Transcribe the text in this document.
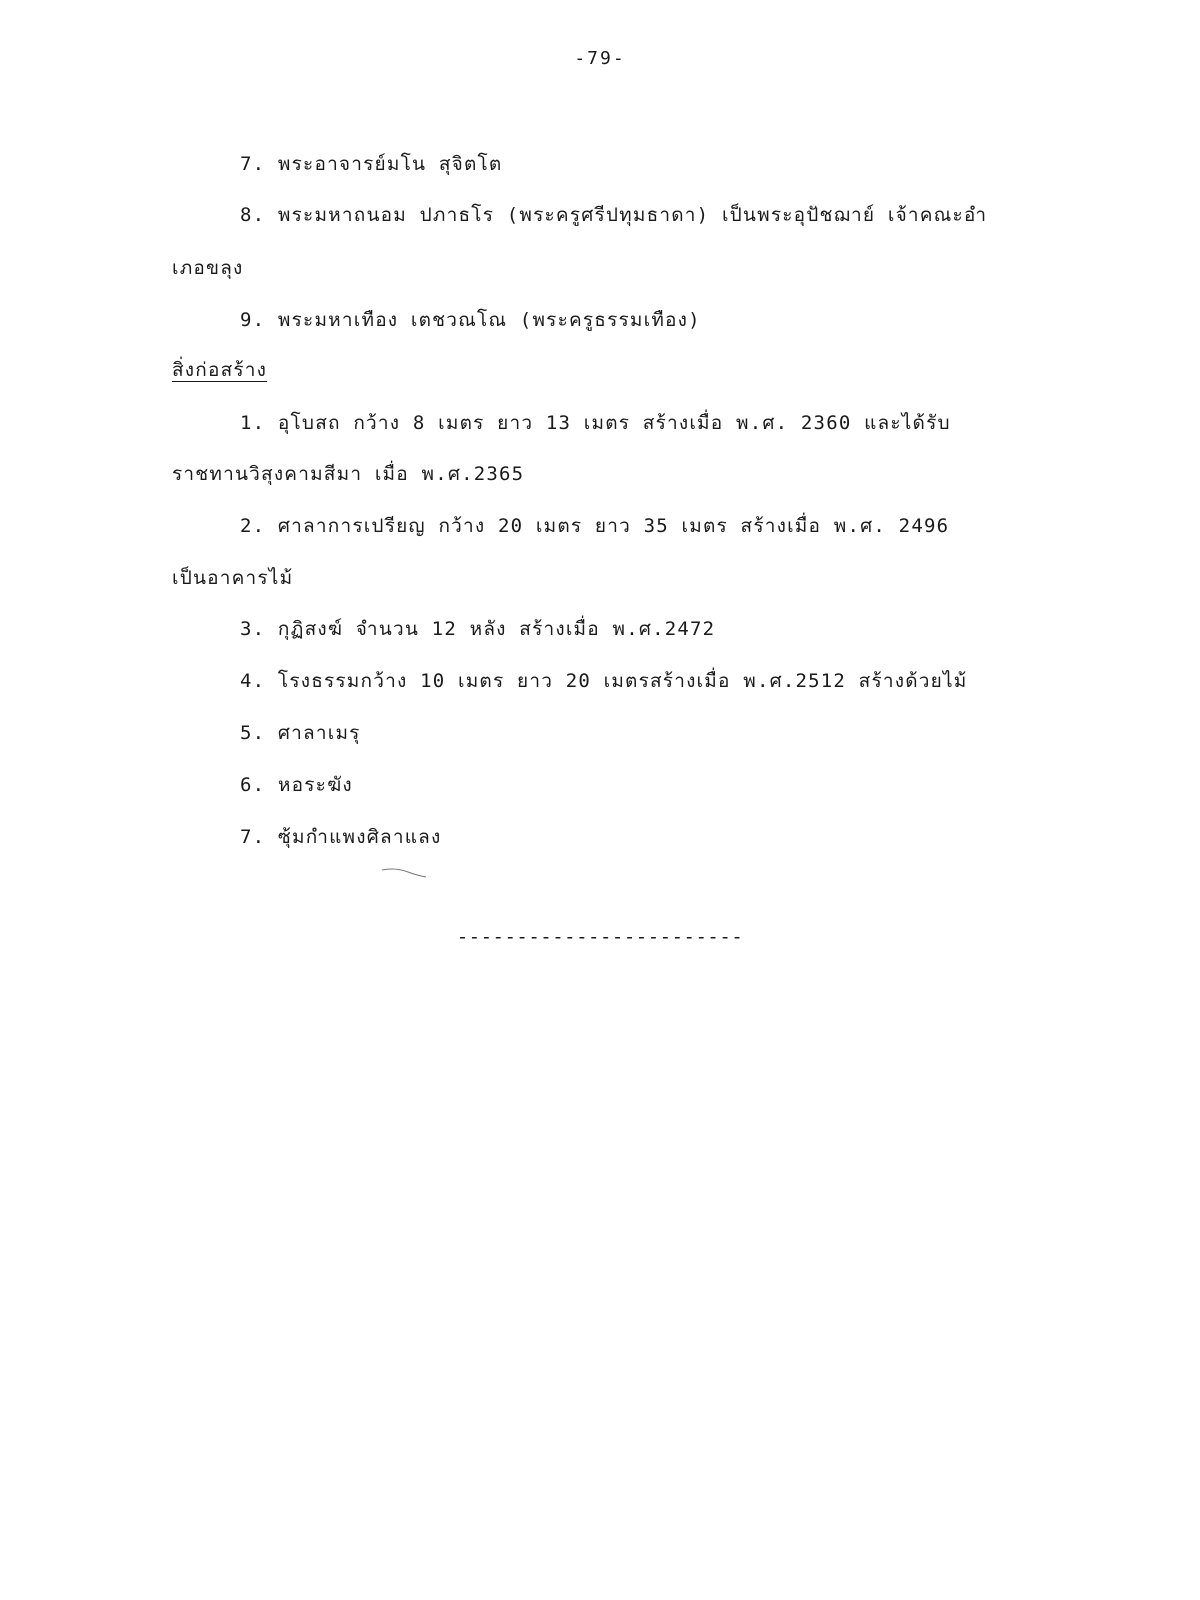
-79-
7. พระอาจารย์มโน สุจิตโต
8. พระมหาถนอม ปภาธโร (พระครูศรีปทุมธาดา) เป็นพระอุปัชฌาย์ เจ้าคณะอำ
เภอขลุง
9. พระมหาเทือง เตชวณโณ (พระครูธรรมเทือง)
สิ่งก่อสร้าง
1. อุโบสถ กว้าง 8 เมตร ยาว 13 เมตร สร้างเมื่อ พ.ศ. 2360 และได้รับ
ราชทานวิสุงคามสีมา เมื่อ พ.ศ.2365
2. ศาลาการเปรียญ กว้าง 20 เมตร ยาว 35 เมตร สร้างเมื่อ พ.ศ. 2496
เป็นอาคารไม้
3. กุฏิสงฆ์ จำนวน 12 หลัง สร้างเมื่อ พ.ศ.2472
4. โรงธรรมกว้าง 10 เมตร ยาว 20 เมตรสร้างเมื่อ พ.ศ.2512 สร้างด้วยไม้
5. ศาลาเมรุ
6. หอระฆัง
7. ซุ้มกำแพงศิลาแลง
------------------------
